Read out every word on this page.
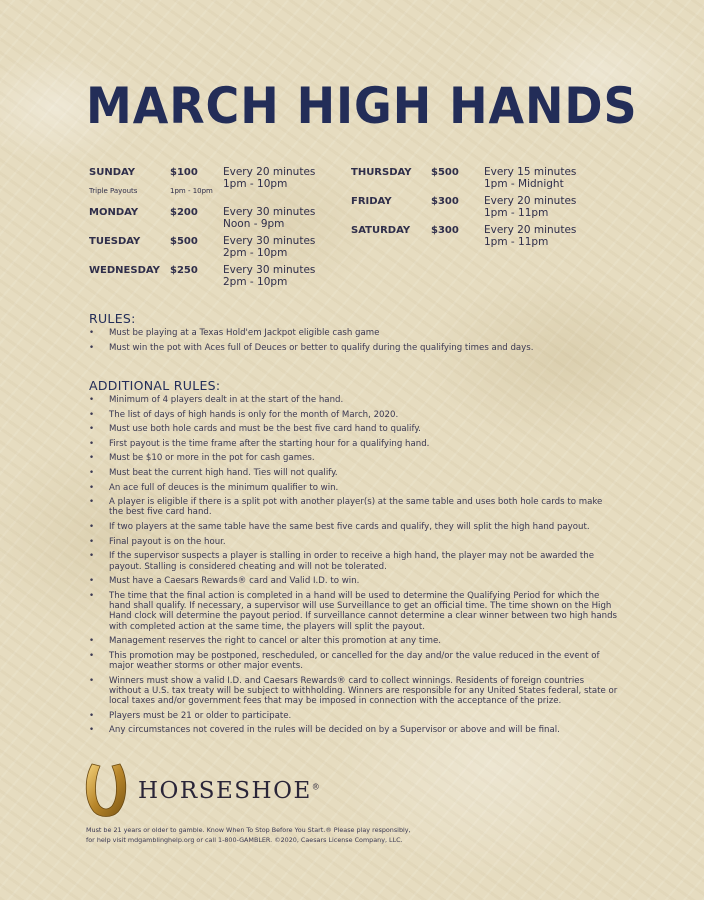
MARCH HIGH HANDS
SUNDAY	$100 Every 20 minutes
1pm - 10pm
Triple Payouts	1pm - 10pm
MONDAY	$200 Every 30 minutes
Noon - 9pm
TUESDAY	$500 Every 30 minutes
2pm - 10pm
WEDNESDAY $250 Every 30 minutes
2pm - 10pm
THURSDAY $500 Every 15 minutes
1pm - Midnight
FRIDAY	$300 Every 20 minutes
1pm - 11pm
SATURDAY $300 Every 20 minutes
1pm - 11pm
RULES:
• Must be playing at a Texas Hold'em Jackpot eligible cash game
• Must win the pot with Aces full of Deuces or better to qualify during the qualifying times and days.
ADDITIONAL RULES:
• Minimum of 4 players dealt in at the start of the hand.
• The list of days of high hands is only for the month of March, 2020.
• Must use both hole cards and must be the best five card hand to qualify.
• First payout is the time frame after the starting hour for a qualifying hand.
• Must be $10 or more in the pot for cash games.
• Must beat the current high hand. Ties will not qualify.
• An ace full of deuces is the minimum qualifier to win.
• A player is eligible if there is a split pot with another player(s) at the same table and uses both hole cards to make the best five card hand.
• If two players at the same table have the same best five cards and qualify, they will split the high hand payout.
• Final payout is on the hour.
• If the supervisor suspects a player is stalling in order to receive a high hand, the player may not be awarded the payout. Stalling is considered cheating and will not be tolerated.
• Must have a Caesars Rewards® card and Valid I.D. to win.
• The time that the final action is completed in a hand will be used to determine the Qualifying Period for which the hand shall qualify. If necessary, a supervisor will use Surveillance to get an official time. The time shown on the High Hand clock will determine the payout period. If surveillance cannot determine a clear winner between two high hands with completed action at the same time, the players will split the payout.
• Management reserves the right to cancel or alter this promotion at any time.
• This promotion may be postponed, rescheduled, or cancelled for the day and/or the value reduced in the event of major weather storms or other major events.
• Winners must show a valid I.D. and Caesars Rewards® card to collect winnings. Residents of foreign countries without a U.S. tax treaty will be subject to withholding. Winners are responsible for any United States federal, state or local taxes and/or government fees that may be imposed in connection with the acceptance of the prize.
• Players must be 21 or older to participate.
• Any circumstances not covered in the rules will be decided on by a Supervisor or above and will be final.
HORSESHOE®
Must be 21 years or older to gamble. Know When To Stop Before You Start.® Please play responsibly,
for help visit mdgamblinghelp.org or call 1-800-GAMBLER. ©2020, Caesars License Company, LLC.
